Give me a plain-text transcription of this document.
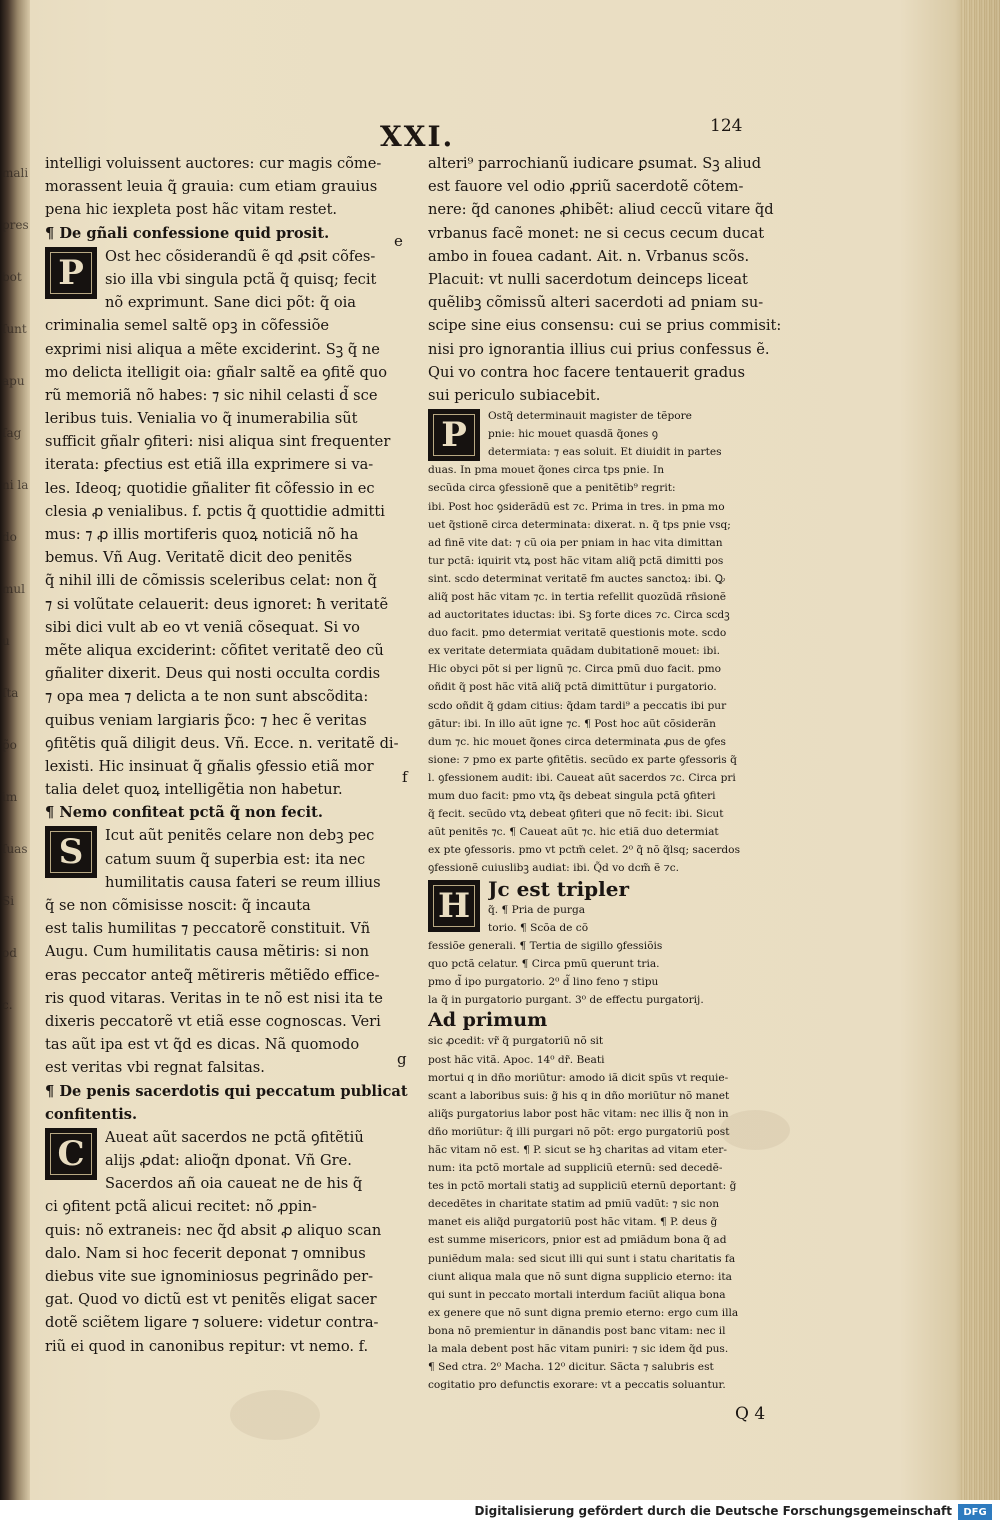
mali
pres
bot
ſunt
apu
ſag
ni la
do
mul
u
ſta
p̃o
im
ſuas
Si
od
c.
XXI.	124
intelligi voluissent auctores: cur magis cõme-
morassent leuia q̃ grauia: cum etiam grauius
pena hic iexpleta post hãc vitam restet.
¶ De gñali confessione quid prosit.
P	Ost hec cõsiderandũ ẽ qd ꝓsit cõfes-
sio illa vbi singula pctã q̃ quisq; fecit
nõ exprimunt. Sane dici põt: q̃ oia
criminalia semel saltẽ opꝫ in cõfessiõe
exprimi nisi aliqua a mẽte exciderint. Sꝫ q̃ ne
mo delicta itelligit oia: gñalr saltẽ ea ꝯfitẽ quo
rũ memoriã nõ habes: ⁊ sic nihil celasti d̃ sce
leribus tuis. Venialia vo q̃ inumerabilia sũt
sufficit gñalr ꝯfiteri: nisi aliqua sint frequenter
iterata: ꝑfectius est etiã illa exprimere si va-
les. Ideoq; quotidie gñaliter fit cõfessio in ec
clesia ꝓ venialibus. f. pctis q̃ quottidie admitti
mus: ⁊ ꝓ illis mortiferis quoꝝ noticiã nõ ha
bemus. Vñ Aug. Veritatẽ dicit deo penitẽs
q̃ nihil illi de cõmissis sceleribus celat: non q̃
⁊ si volũtate celauerit: deus ignoret: ħ veritatẽ
sibi dici vult ab eo vt veniã cõsequat. Si vo
mẽte aliqua exciderint: cõfitet veritatẽ deo cũ
gñaliter dixerit. Deus qui nosti occulta cordis
⁊ opa mea ⁊ delicta a te non sunt abscõdita:
quibus veniam largiaris p̃co: ⁊ hec ẽ veritas
ꝯfitẽtis quã diligit deus. Vñ. Ecce. n. veritatẽ di-
lexisti. Hic insinuat q̃ gñalis ꝯfessio etiã mor
talia delet quoꝝ intelligẽtia non habetur.
¶ Nemo confiteat pctã q̃ non fecit.
S	Icut aũt penitẽs celare non debꝫ pec
catum suum q̃ superbia est: ita nec
humilitatis causa fateri se reum illius
q̃ se non cõmisisse noscit: q̃ incauta
est talis humilitas ⁊ peccatorẽ constituit. Vñ
Augu. Cum humilitatis causa mẽtiris: si non
eras peccator anteq̃ mẽtireris mẽtiẽdo effice-
ris quod vitaras. Veritas in te nõ est nisi ita te
dixeris peccatorẽ vt etiã esse cognoscas. Veri
tas aũt ipa est vt q̃d es dicas. Nã quomodo
est veritas vbi regnat falsitas.
¶ De penis sacerdotis qui peccatum publicat
confitentis.
C	Aueat aũt sacerdos ne pctã ꝯfitẽtiũ
alijs ꝓdat: alioq̃n dponat. Vñ Gre.
Sacerdos añ oia caueat ne de his q̃
ci ꝯfitent pctã alicui recitet: nõ ꝓpin-
quis: nõ extraneis: nec q̃d absit ꝓ aliquo scan
dalo. Nam si hoc fecerit deponat ⁊ omnibus
diebus vite sue ignominiosus pegrinãdo per-
gat. Quod vo dictũ est vt penitẽs eligat sacer
dotẽ sciẽtem ligare ⁊ soluere: videtur contra-
riũ ei quod in canonibus repitur: vt nemo. f.
alteri⁹ parrochianũ iudicare ꝑsumat. Sꝫ aliud
est fauore vel odio ꝓpriũ sacerdotẽ cõtem-
nere: q̃d canones ꝓhibẽt: aliud ceccũ vitare q̃d
vrbanus facẽ monet: ne si cecus cecum ducat
ambo in fouea cadant. Ait. n. Vrbanus scõs.
Placuit: vt nulli sacerdotum deinceps liceat
quẽlibꝫ cõmissũ alteri sacerdoti ad pniam su-
scipe sine eius consensu: cui se prius commisit:
nisi pro ignorantia illius cui prius confessus ẽ.
Qui vo contra hoc facere tentauerit gradus
sui periculo subiacebit.
P	Ostq̃ determinauit magister de tẽpore
pnie: hic mouet quasdã q̃ones ꝯ
determiata: ⁊ eas soluit. Et diuidit in partes
duas. In pma mouet q̃ones circa tps pnie. In
secũda circa ꝯfessionẽ que a penitẽtib⁹ regrit:
ibi. Post hoc ꝯsiderãdũ est ⁊c. Prima in tres. in pma mo
uet q̃stionẽ circa determinata: dixerat. n. q̃ tps pnie vsq;
ad finẽ vite dat: ⁊ cũ oia per pniam in hac vita dimittan
tur pctã: iquirit vtꝝ post hãc vitam aliq̃ pctã dimitti pos
sint. scdo determinat veritatẽ fm auctes sanctoꝝ: ibi. Ꝙ
aliq̃ post hãc vitam ⁊c. in tertia refellit quozũdã rñsionẽ
ad auctoritates iductas: ibi. Sꝫ forte dices ⁊c. Circa scdꝫ
duo facit. pmo determiat veritatẽ questionis mote. scdo
ex veritate determiata quãdam dubitationẽ mouet: ibi.
Hic obyci põt si per lignũ ⁊c. Circa pmũ duo facit. pmo
oñdit q̃ post hãc vitã aliq̃ pctã dimittũtur i purgatorio.
scdo oñdit q̃ gdam citius: q̃dam tardi⁹ a peccatis ibi pur
gãtur: ibi. In illo aũt igne ⁊c. ¶ Post hoc aũt cõsiderãn
dum ⁊c. hic mouet q̃ones circa determinata ꝓus de ꝯfes
sione: ⁊ pmo ex parte ꝯfitẽtis. secũdo ex parte ꝯfessoris q̃
l. ꝯfessionem audit: ibi. Caueat aũt sacerdos ⁊c. Circa pri
mum duo facit: pmo vtꝝ q̃s debeat singula pctã ꝯfiteri
q̃ fecit. secũdo vtꝝ debeat ꝯfiteri que nõ fecit: ibi. Sicut
aũt penitẽs ⁊c. ¶ Caueat aũt ⁊c. hic etiã duo determiat
ex pte ꝯfessoris. pmo vt pctm̃ celet. 2⁰ q̃ nõ q̃lsq; sacerdos
ꝯfessionẽ cuiuslibꝫ audiat: ibi. Q̃d vo dcm̃ ẽ ⁊c.
H Jc est tripler
q̃. ¶ Pria de purga
torio. ¶ Scõa de cõ
fessiõe generali. ¶ Tertia de sigillo ꝯfessiõis
quo pctã celatur. ¶ Circa pmũ querunt tria.
pmo d̃ ipo purgatorio. 2⁰ d̃ lino feno ⁊ stipu
la q̃ in purgatorio purgant. 3⁰ de effectu purgatorij.
Ad primum
sic ꝓcedit: vr̃ q̃ purgatoriũ nõ sit
post hãc vitã. Apoc. 14⁰ dr̃. Beati
mortui q in dño moriũtur: amodo iã dicit spũs vt requie-
scant a laboribus suis: g̃ his q in dño moriũtur nõ manet
aliq̃s purgatorius labor post hãc vitam: nec illis q̃ non in
dño moriũtur: q̃ illi purgari nõ põt: ergo purgatoriũ post
hãc vitam nõ est. ¶ P. sicut se hꝫ charitas ad vitam eter-
num: ita pctõ mortale ad suppliciũ eternũ: sed decedẽ-
tes in pctõ mortali statiꝫ ad suppliciũ eternũ deportant: g̃
decedẽtes in charitate statim ad pmiũ vadũt: ⁊ sic non
manet eis aliq̃d purgatoriũ post hãc vitam. ¶ P. deus g̃
est summe misericors, pnior est ad pmiãdum bona q̃ ad
puniẽdum mala: sed sicut illi qui sunt i statu charitatis fa
ciunt aliqua mala que nõ sunt digna supplicio eterno: ita
qui sunt in peccato mortali interdum faciũt aliqua bona
ex genere que nõ sunt digna premio eterno: ergo cum illa
bona nõ premientur in dãnandis post banc vitam: nec il
la mala debent post hãc vitam puniri: ⁊ sic idem q̃d pus.
¶ Sed ctra. 2⁰ Macha. 12⁰ dicitur. Sãcta ⁊ salubris est
cogitatio pro defunctis exorare: vt a peccatis soluantur.
e
f
g
Q 4
Digitalisierung gefördert durch die Deutsche Forschungsgemeinschaft	DFG
